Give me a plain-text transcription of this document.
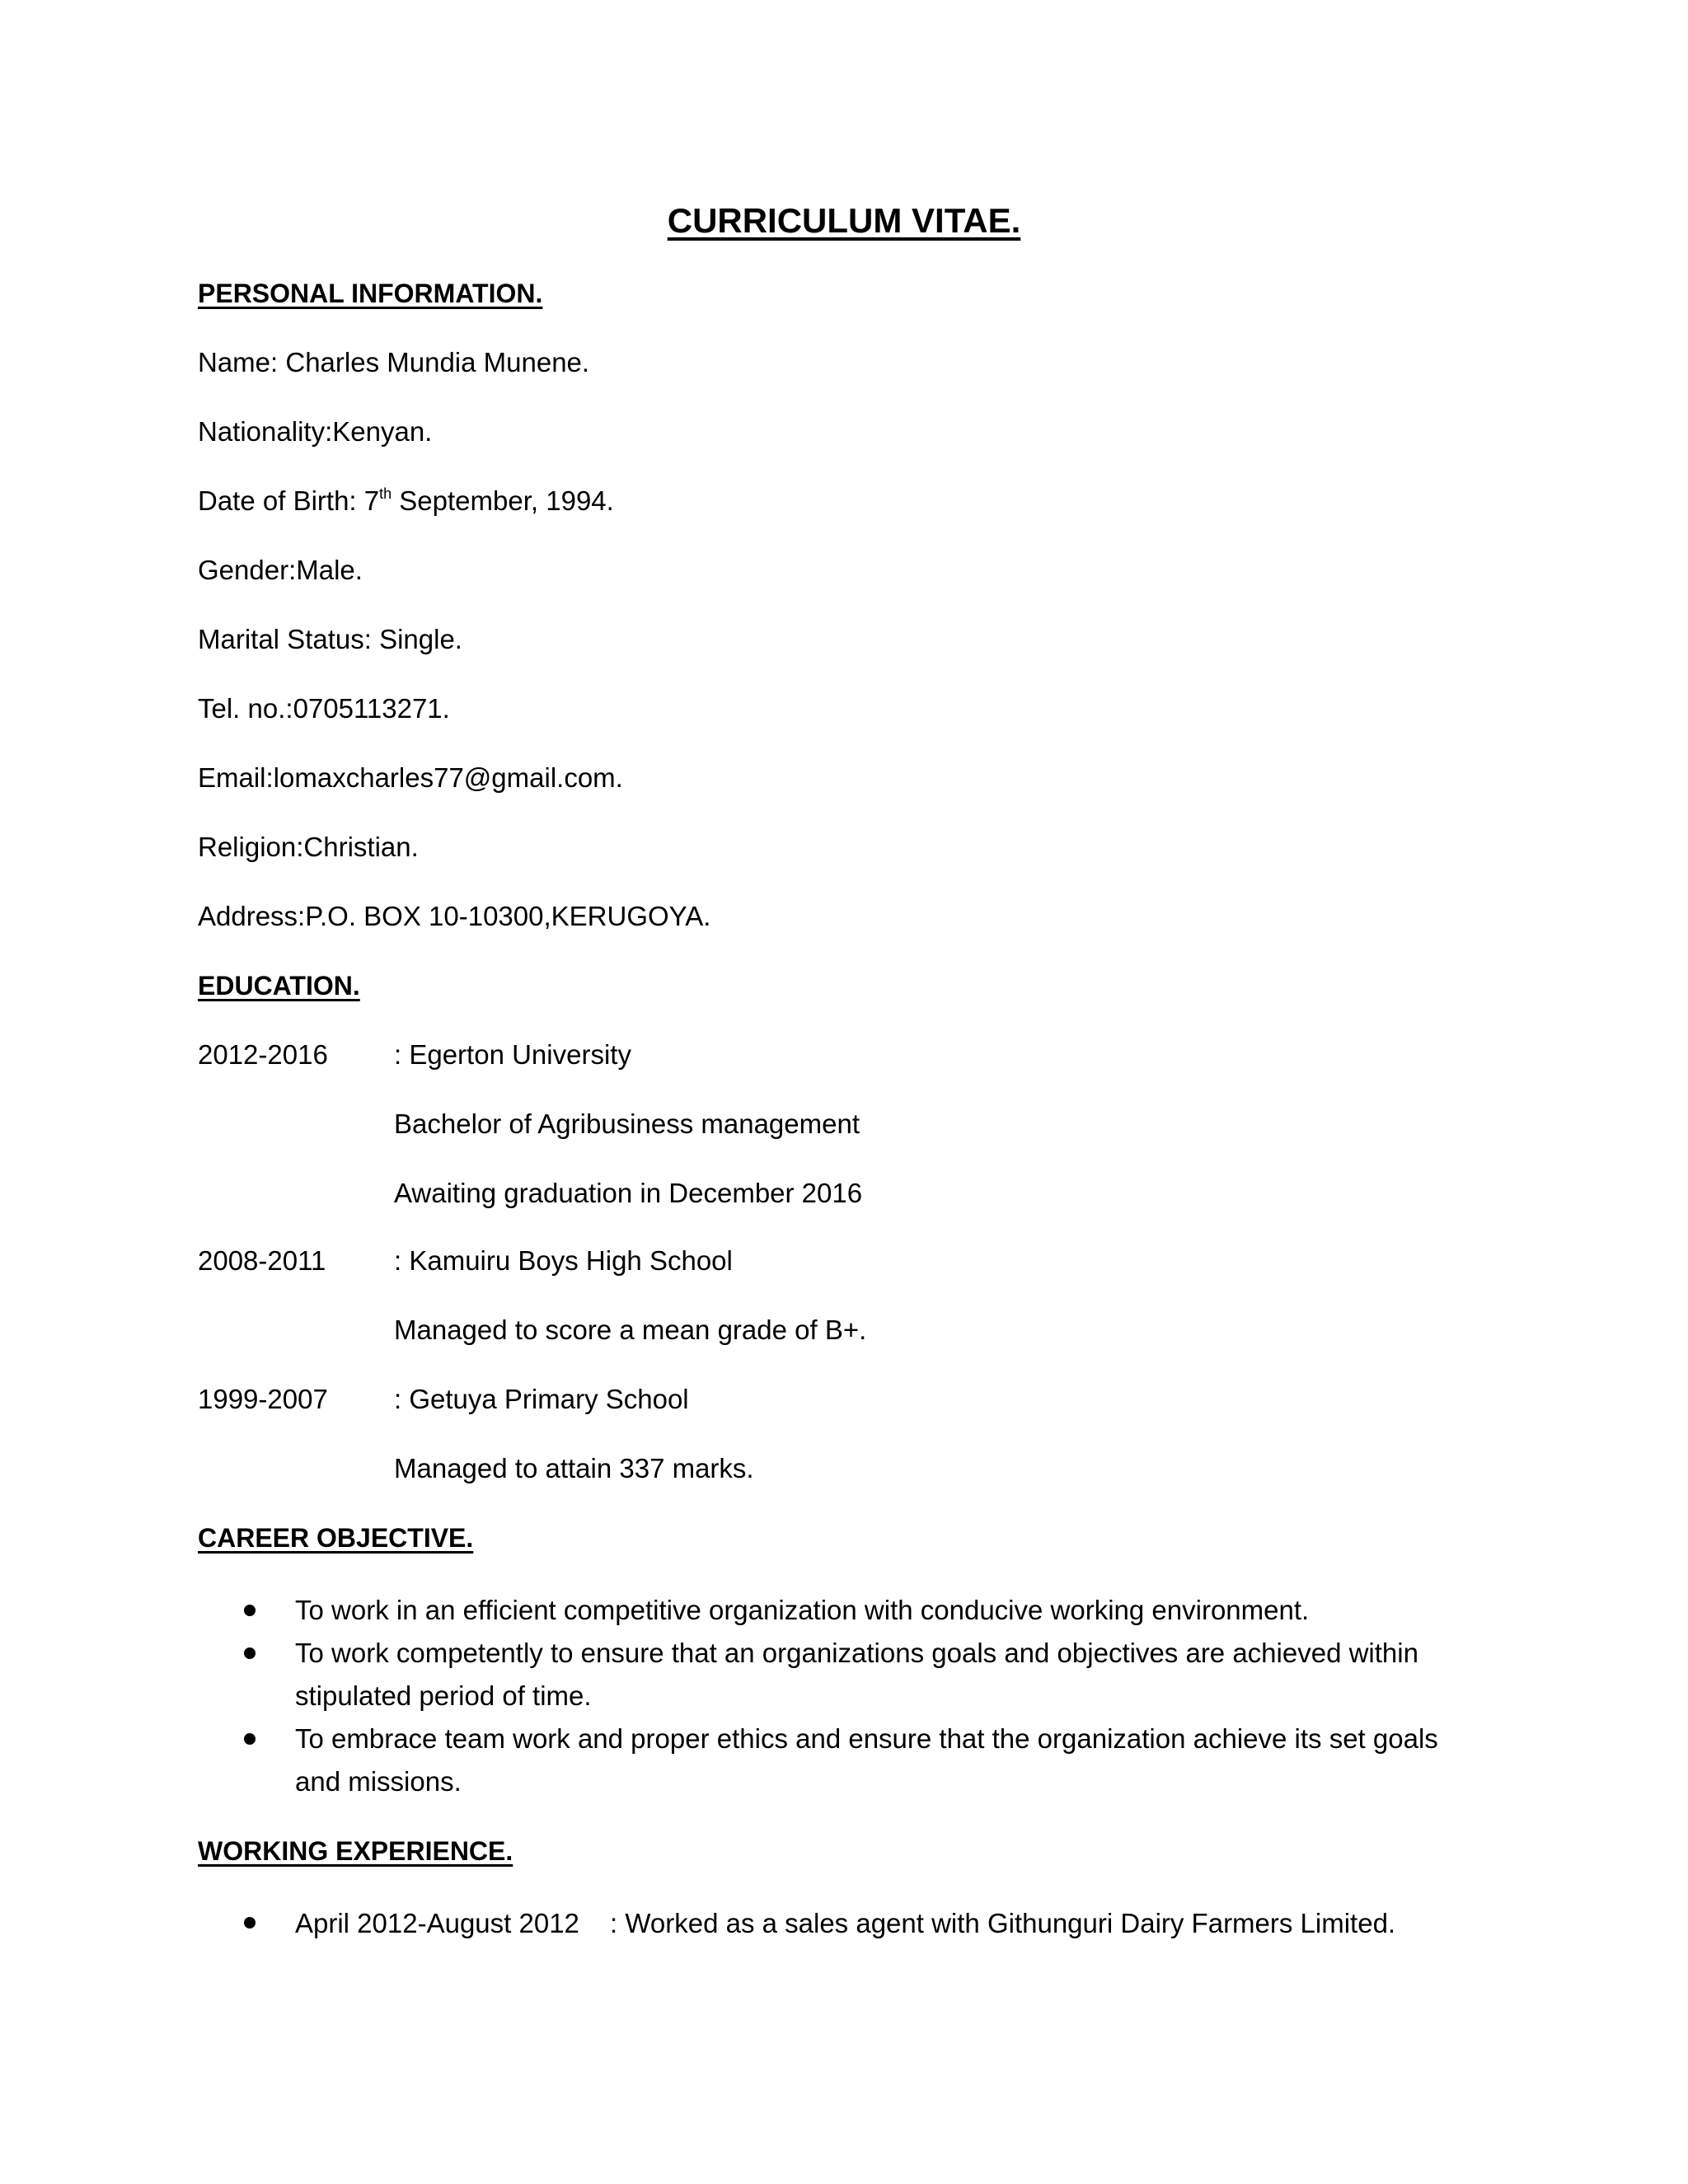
CURRICULUM VITAE.
PERSONAL INFORMATION.
Name: Charles Mundia Munene.
Nationality:Kenyan.
Date of Birth: 7th September, 1994.
Gender:Male.
Marital Status: Single.
Tel. no.:0705113271.
Email:lomaxcharles77@gmail.com.
Religion:Christian.
Address:P.O. BOX 10-10300,KERUGOYA.
EDUCATION.
2012-2016 : Egerton University
Bachelor of Agribusiness management
Awaiting graduation in December 2016
2008-2011	: Kamuiru Boys High School
Managed to score a mean grade of B+.
1999-2007 : Getuya Primary School
Managed to attain 337 marks.
CAREER OBJECTIVE.
To work in an efficient competitive organization with conducive working environment.
To work competently to ensure that an organizations goals and objectives are achieved within stipulated period of time.
To embrace team work and proper ethics and ensure that the organization achieve its set goals and missions.
WORKING EXPERIENCE.
April 2012-August 2012 : Worked as a sales agent with Githunguri Dairy Farmers Limited.
